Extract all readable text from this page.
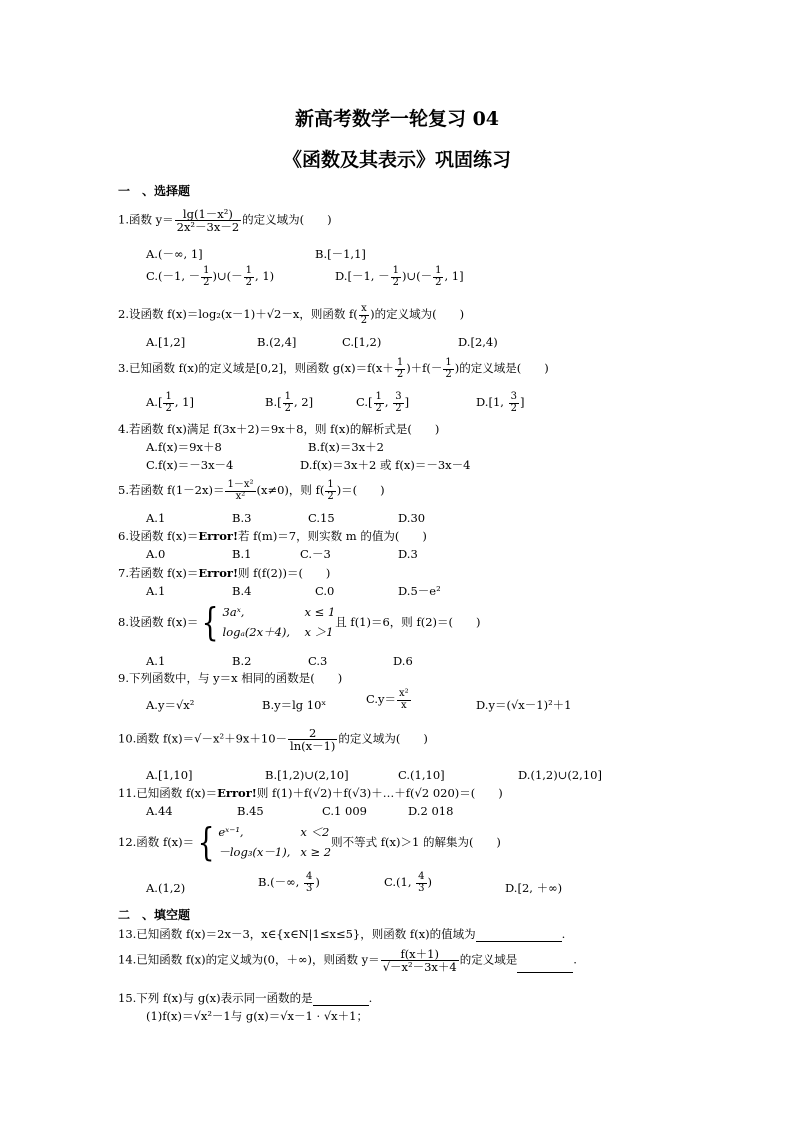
新高考数学一轮复习 04
《函数及其表示》巩固练习
一　、选择题
1.函数 $y= \frac{\text{lg(1－x²)}}{\text{2x²－3x－2}}$ 的定义域为(　　)
A.(－∞, 1]	B.[－1,1]
C.(－1, － $\frac{1}{2}$ )∪(－ $\frac{1}{2}$ , 1)	D.[－1, － $\frac{1}{2}$ )∪(－ $\frac{1}{2}$ , 1]
2.设函数 f(x)＝log₂(x－1)＋√2－x，则函数 $f( \frac{x}{2}$ )的定义域为(　　)
A.[1,2]	B.(2,4]	C.[1,2)	D.[2,4)
3.已知函数 f(x)的定义域是[0,2]，则函数 $g(x)=f(x+ \frac{1}{2} )+f(- \frac{1}{2}$ )的定义域是(　　)
$A.[ \frac{1}{2}$ , 1]	$B.[ \frac{1}{2}$ , 2]	$C.[ \frac{1}{2}$ , $\frac{3}{2}$ ]	D.[1, $\frac{3}{2}$ ]
4.若函数 f(x)满足 f(3x＋2)＝9x＋8，则 f(x)的解析式是(　　)
A.f(x)＝9x＋8	B.f(x)＝3x＋2
C.f(x)＝－3x－4	D.f(x)＝3x＋2 或 f(x)＝－3x－4
5.若函数 $f(1-2x)= \frac{\text{1－x²}}{\text{x²}} (x\ne 0)$，则 $f( \frac{1}{2}$ )＝(　　)
A.1	B.3	C.15	D.30
6.设函数 f(x)＝Error!若 f(m)＝7，则实数 m 的值为(　　)
A.0	B.1	C.－3	D.3
7.若函数 f(x)＝Error!则 f(f(2))＝(　　)
A.1	B.4	C.0	D.5－e²
8.设函数 f(x)＝{ 3aˣ,	x ≤ 1
logₐ(2x＋4), x ＞1
且 f(1)＝6，则 f(2)＝(　　)
A.1	B.2	C.3	D.6
9.下列函数中，与 y＝x 相同的函数是(　　)
A.y＝√x²	B.y＝lg 10ˣ	$C.y= \frac{\text{x²}}{x}$	D.y＝(√x－1)²＋1
10.函数 $f(x)=√-x^2+9x+10- \frac{2}{\ln(x-1)}$ 的定义域为(　　)
A.[1,10]	B.[1,2)∪(2,10]	C.(1,10]	D.(1,2)∪(2,10]
11.已知函数 f(x)＝Error!则 f(1)＋f(√2)＋f(√3)＋…＋f(√2 020)＝(　　)
A.44	B.45	C.1 009	D.2 018
12.函数 f(x)＝{ eˣ⁻¹,	x ＜2
－log₃(x－1), x ≥ 2
则不等式 f(x)＞1 的解集为(　　)
A.(1,2)	B.(－∞, $\frac{4}{3}$ )	C.(1, $\frac{4}{3}$ )	D.[2, ＋∞)
二　、填空题
13.已知函数 f(x)＝2x－3，x∈{x∈N|1≤x≤5}，则函数 f(x)的值域为	.
14.已知函数 f(x)的定义域为(0，＋∞)，则函数 $y= \frac{f(x+1)}{\text{√－x²－3x＋4}}$ 的定义域是	.
15.下列 f(x)与 g(x)表示同一函数的是	.
(1)f(x)＝√x²－1与 g(x)＝√x－1 · √x＋1；
